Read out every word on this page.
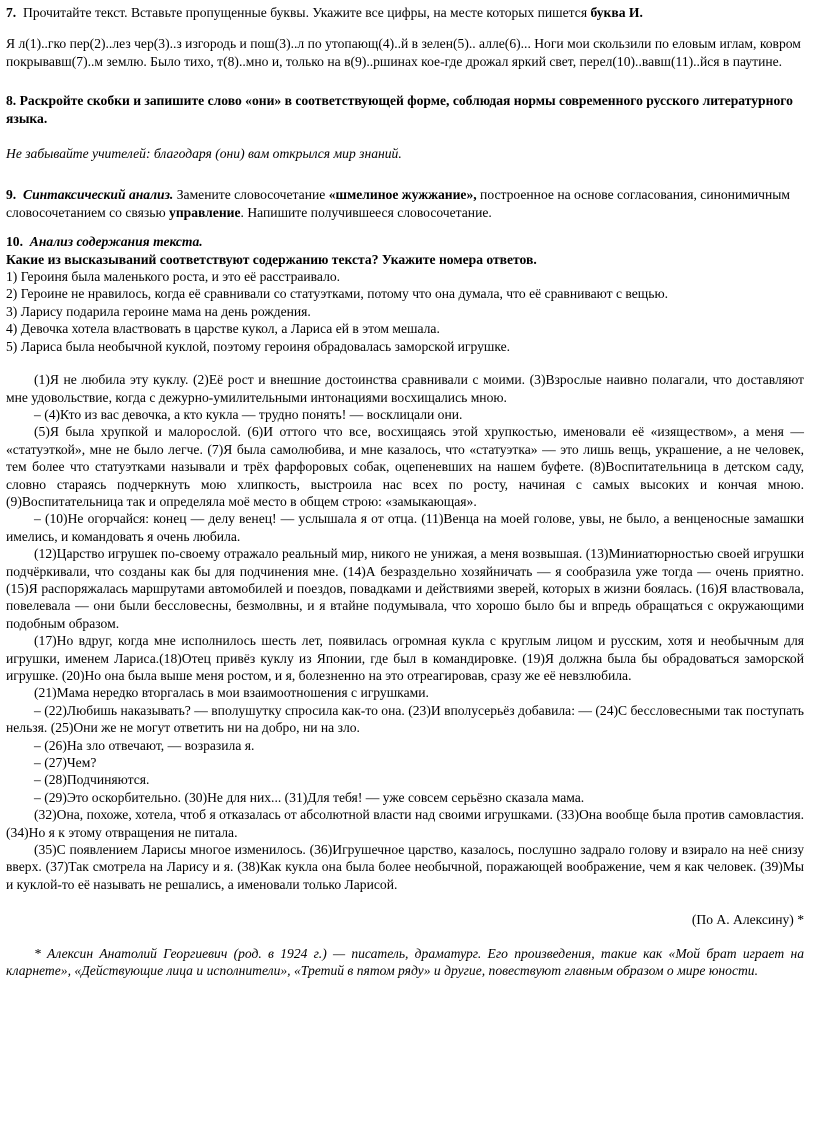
7. Прочитайте текст. Вставьте пропущенные буквы. Укажите все цифры, на месте которых пишется буква И.

Я л(1)..гко пер(2)..лез чер(3)..з изгородь и пош(3)..л по утопающ(4)..й в зелен(5).. алле(6)... Ноги мои скользили по еловым иглам, ковром покрывавш(7)..м землю. Было тихо, т(8)..мно и, только на в(9)..ршинах кое-где дрожал яркий свет, перел(10)..вавш(11)..йся в паутине.

8. Раскройте скобки и запишите слово «они» в соответствующей форме, соблюдая нормы современного русского литературного языка.

Не забывайте учителей: благодаря (они) вам открылся мир знаний.

9. Синтаксический анализ. Замените словосочетание «шмелиное жужжание», построенное на основе согласования, синонимичным словосочетанием со связью управление. Напишите получившееся словосочетание.

10. Анализ содержания текста.

Какие из высказываний соответствуют содержанию текста? Укажите номера ответов.

1) Героиня была маленького роста, и это её расстраивало.
2) Героине не нравилось, когда её сравнивали со статуэтками, потому что она думала, что её сравнивают с вещью.
3) Ларису подарила героине мама на день рождения.
4) Девочка хотела властвовать в царстве кукол, а Лариса ей в этом мешала.
5) Лариса была необычной куклой, поэтому героиня обрадовалась заморской игрушке.

(1)Я не любила эту куклу. (2)Её рост и внешние достоинства сравнивали с моими. (3)Взрослые наивно полагали, что доставляют мне удовольствие, когда с дежурно-умилительными интонациями восхищались мною.

– (4)Кто из вас девочка, а кто кукла — трудно понять! — восклицали они.

(5)Я была хрупкой и малорослой. (6)И оттого что все, восхищаясь этой хрупкостью, именовали её «изяществом», а меня — «статуэткой», мне не было легче. (7)Я была самолюбива, и мне казалось, что «статуэтка» — это лишь вещь, украшение, а не человек, тем более что статуэтками называли и трёх фарфоровых собак, оцепеневших на нашем буфете. (8)Воспитательница в детском саду, словно стараясь подчеркнуть мою хлипкость, выстроила нас всех по росту, начиная с самых высоких и кончая мною. (9)Воспитательница так и определяла моё место в общем строю: «замыкающая».

– (10)Не огорчайся: конец — делу венец! — услышала я от отца. (11)Венца на моей голове, увы, не было, а венценосные замашки имелись, и командовать я очень любила.

(12)Царство игрушек по-своему отражало реальный мир, никого не унижая, а меня возвышая. (13)Миниатюрностью своей игрушки подчёркивали, что созданы как бы для подчинения мне. (14)А безраздельно хозяйничать — я сообразила уже тогда — очень приятно. (15)Я распоряжалась маршрутами автомобилей и поездов, повадками и действиями зверей, которых в жизни боялась. (16)Я властвовала, повелевала — они были бессловесны, безмолвны, и я втайне подумывала, что хорошо было бы и впредь обращаться с окружающими подобным образом.

(17)Но вдруг, когда мне исполнилось шесть лет, появилась огромная кукла с круглым лицом и русским, хотя и необычным для игрушки, именем Лариса.(18)Отец привёз куклу из Японии, где был в командировке. (19)Я должна была бы обрадоваться заморской игрушке. (20)Но она была выше меня ростом, и я, болезненно на это отреагировав, сразу же её невзлюбила.

(21)Мама нередко вторгалась в мои взаимоотношения с игрушками.

– (22)Любишь наказывать? — вполушутку спросила как-то она. (23)И вполусерьёз добавила: — (24)С бессловесными так поступать нельзя. (25)Они же не могут ответить ни на добро, ни на зло.

– (26)На зло отвечают, — возразила я.

– (27)Чем?

– (28)Подчиняются.

– (29)Это оскорбительно. (30)Не для них... (31)Для тебя! — уже совсем серьёзно сказала мама.

(32)Она, похоже, хотела, чтоб я отказалась от абсолютной власти над своими игрушками. (33)Она вообще была против самовластия. (34)Но я к этому отвращения не питала.

(35)С появлением Ларисы многое изменилось. (36)Игрушечное царство, казалось, послушно задрало голову и взирало на неё снизу вверх. (37)Так смотрела на Ларису и я. (38)Как кукла она была более необычной, поражающей воображение, чем я как человек. (39)Мы и куклой-то её называть не решались, а именовали только Ларисой.

(По А. Алексину) *

* Алексин Анатолий Георгиевич (род. в 1924 г.) — писатель, драматург. Его произведения, такие как «Мой брат играет на кларнете», «Действующие лица и исполнители», «Третий в пятом ряду» и другие, повествуют главным образом о мире юности.
